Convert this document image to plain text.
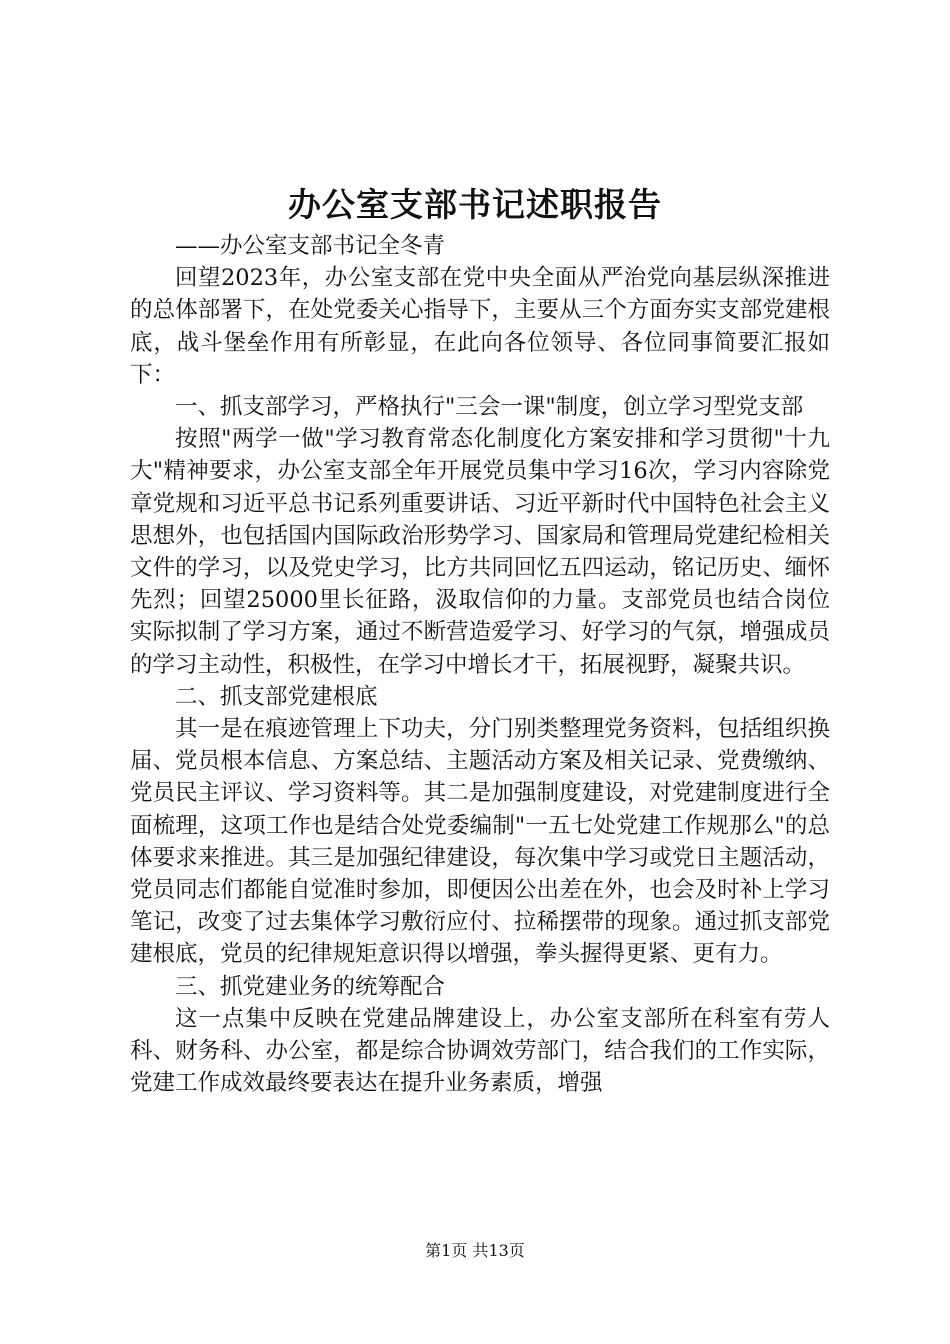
办公室支部书记述职报告

——办公室支部书记全冬青

回望2023年，办公室支部在党中央全面从严治党向基层纵深推进的总体部署下，在处党委关心指导下，主要从三个方面夯实支部党建根底，战斗堡垒作用有所彰显，在此向各位领导、各位同事简要汇报如下：

一、抓支部学习，严格执行"三会一课"制度，创立学习型党支部

按照"两学一做"学习教育常态化制度化方案安排和学习贯彻"十九大"精神要求，办公室支部全年开展党员集中学习16次，学习内容除党章党规和习近平总书记系列重要讲话、习近平新时代中国特色社会主义思想外，也包括国内国际政治形势学习、国家局和管理局党建纪检相关文件的学习，以及党史学习，比方共同回忆五四运动，铭记历史、缅怀先烈；回望25000里长征路，汲取信仰的力量。支部党员也结合岗位实际拟制了学习方案，通过不断营造爱学习、好学习的气氛，增强成员的学习主动性，积极性，在学习中增长才干，拓展视野，凝聚共识。

二、抓支部党建根底

其一是在痕迹管理上下功夫，分门别类整理党务资料，包括组织换届、党员根本信息、方案总结、主题活动方案及相关记录、党费缴纳、党员民主评议、学习资料等。其二是加强制度建设，对党建制度进行全面梳理，这项工作也是结合处党委编制"一五七处党建工作规那么"的总体要求来推进。其三是加强纪律建设，每次集中学习或党日主题活动，党员同志们都能自觉准时参加，即便因公出差在外，也会及时补上学习笔记，改变了过去集体学习敷衍应付、拉稀摆带的现象。通过抓支部党建根底，党员的纪律规矩意识得以增强，拳头握得更紧、更有力。

三、抓党建业务的统筹配合

这一点集中反映在党建品牌建设上，办公室支部所在科室有劳人科、财务科、办公室，都是综合协调效劳部门，结合我们的工作实际，党建工作成效最终要表达在提升业务素质，增强

第1页 共13页
